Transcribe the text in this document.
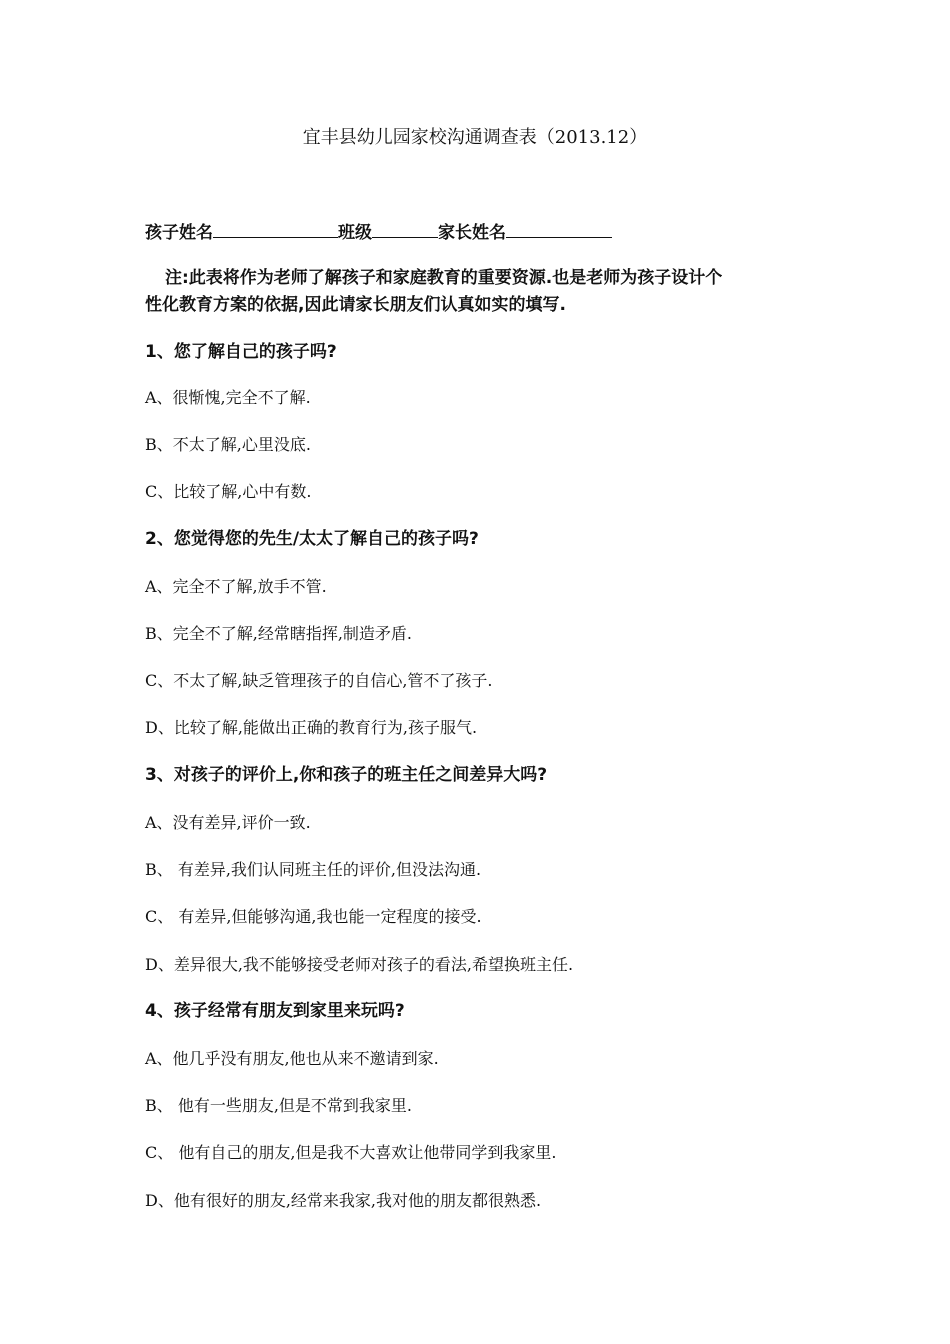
宜丰县幼儿园家校沟通调查表（2013.12）
孩子姓名	班级	家长姓名
注:此表将作为老师了解孩子和家庭教育的重要资源.也是老师为孩子设计个
性化教育方案的依据,因此请家长朋友们认真如实的填写.
1、您了解自己的孩子吗?
A、很惭愧,完全不了解.
B、不太了解,心里没底.
C、比较了解,心中有数.
2、您觉得您的先生/太太了解自己的孩子吗?
A、完全不了解,放手不管.
B、完全不了解,经常瞎指挥,制造矛盾.
C、不太了解,缺乏管理孩子的自信心,管不了孩子.
D、比较了解,能做出正确的教育行为,孩子服气.
3、对孩子的评价上,你和孩子的班主任之间差异大吗?
A、没有差异,评价一致.
B、 有差异,我们认同班主任的评价,但没法沟通.
C、 有差异,但能够沟通,我也能一定程度的接受.
D、差异很大,我不能够接受老师对孩子的看法,希望换班主任.
4、孩子经常有朋友到家里来玩吗?
A、他几乎没有朋友,他也从来不邀请到家.
B、 他有一些朋友,但是不常到我家里.
C、 他有自己的朋友,但是我不大喜欢让他带同学到我家里.
D、他有很好的朋友,经常来我家,我对他的朋友都很熟悉.
